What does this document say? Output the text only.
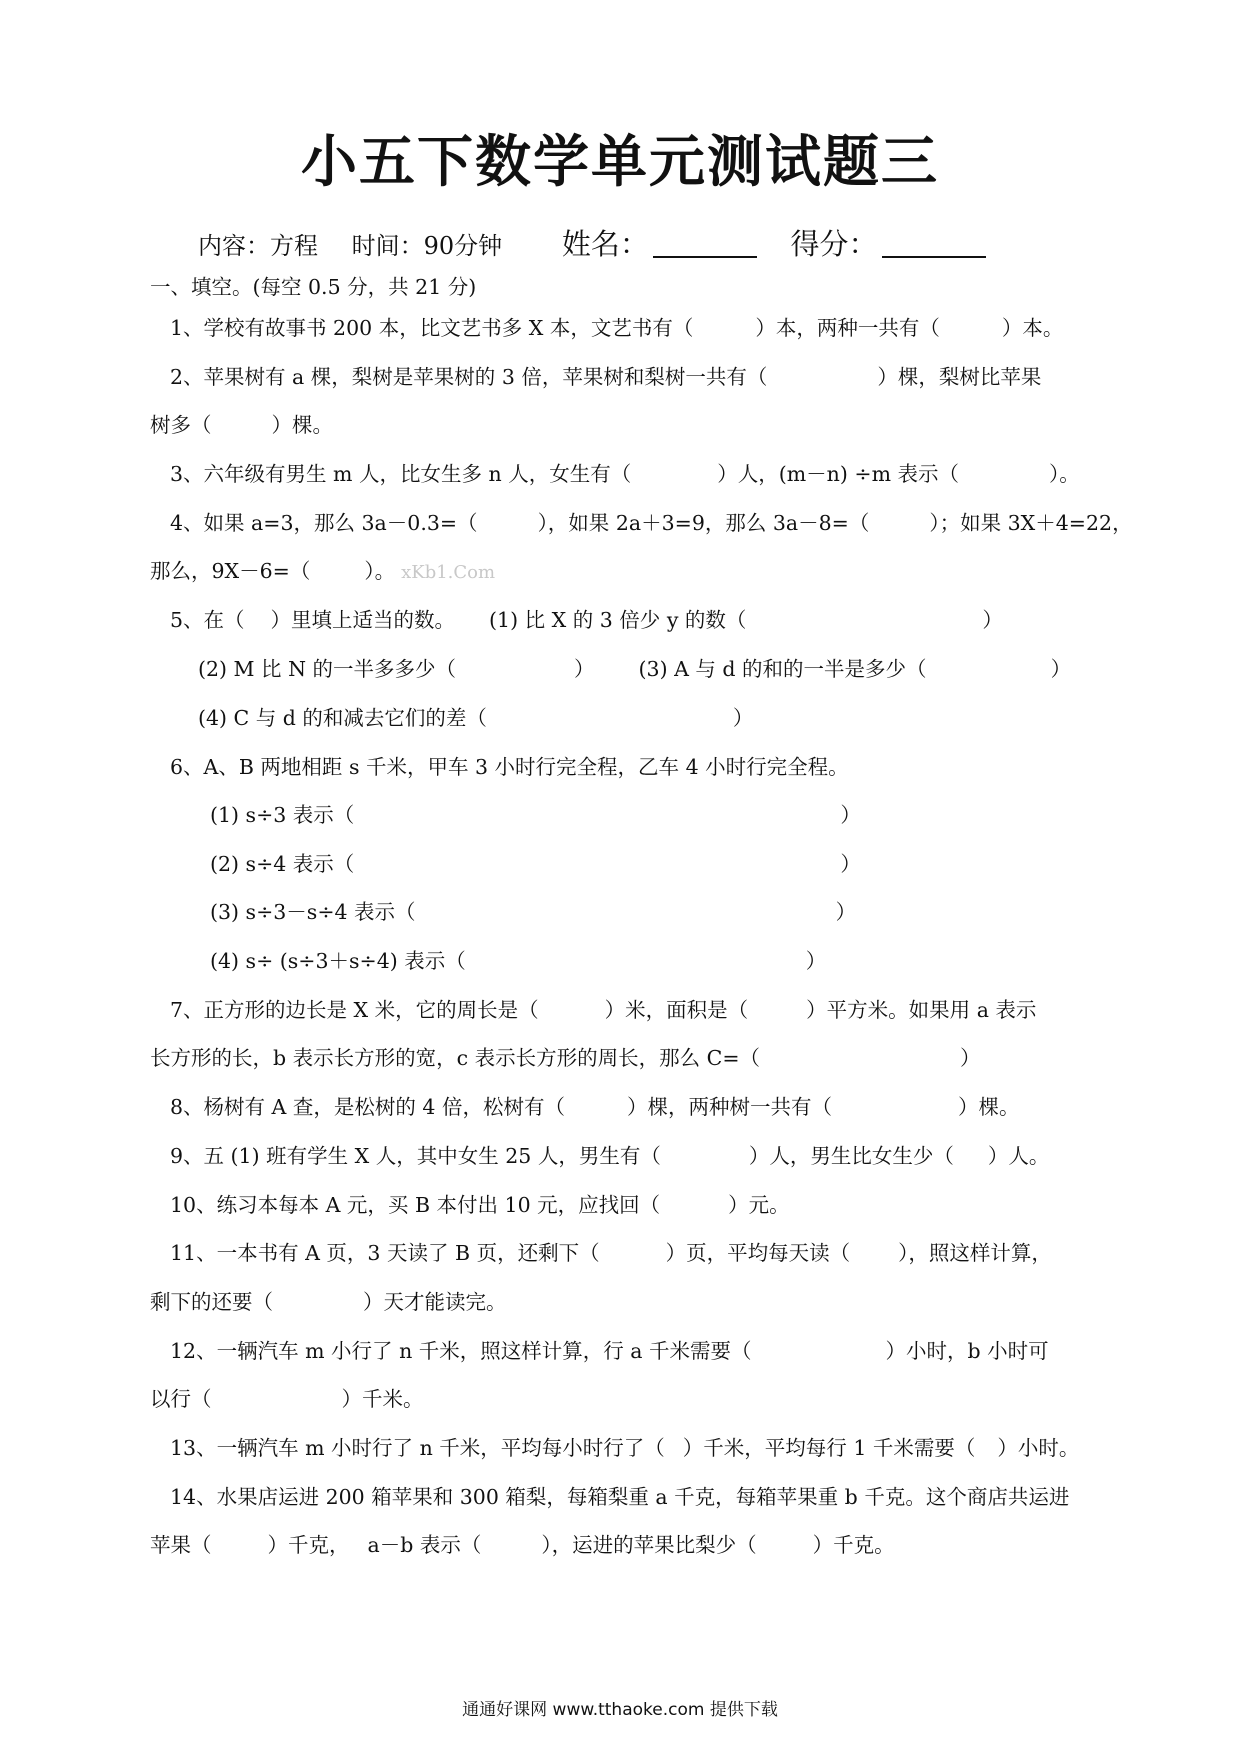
小五下数学单元测试题三
内容：方程 时间：90分钟 姓名：	得分：
一、填空。(每空 0.5 分，共 21 分)
1、学校有故事书 200 本，比文艺书多 X 本，文艺书有（	）本，两种一共有（	）本。
2、苹果树有 a 棵，梨树是苹果树的 3 倍，苹果树和梨树一共有（	）棵，梨树比苹果
树多（	）棵。
3、六年级有男生 m 人，比女生多 n 人，女生有（	）人，(m－n) ÷m 表示（	）。
4、如果 a=3，那么 3a－0.3=（	），如果 2a＋3=9，那么 3a－8=（	）；如果 3X＋4=22，
那么，9X－6=（	）。 xKb1.Com
5、在（ ）里填上适当的数。 (1) 比 X 的 3 倍少 y 的数（	）
(2) M 比 N 的一半多多少（	） (3) A 与 d 的和的一半是多少（	）
(4) C 与 d 的和减去它们的差（	）
6、A、B 两地相距 s 千米，甲车 3 小时行完全程，乙车 4 小时行完全程。
(1) s÷3 表示（	）
(2) s÷4 表示（	）
(3) s÷3－s÷4 表示（	）
(4) s÷ (s÷3＋s÷4) 表示（	）
7、正方形的边长是 X 米，它的周长是（	）米，面积是（	）平方米。如果用 a 表示
长方形的长，b 表示长方形的宽，c 表示长方形的周长，那么 C=（	）
8、杨树有 A 查，是松树的 4 倍，松树有（	）棵，两种树一共有（	）棵。
9、五 (1) 班有学生 X 人，其中女生 25 人，男生有（	）人，男生比女生少（ ）人。
10、练习本每本 A 元，买 B 本付出 10 元，应找回（	）元。
11、一本书有 A 页，3 天读了 B 页，还剩下（	）页，平均每天读（ ），照这样计算，
剩下的还要（	）天才能读完。
12、一辆汽车 m 小行了 n 千米，照这样计算，行 a 千米需要（	）小时，b 小时可
以行（	）千米。
13、一辆汽车 m 小时行了 n 千米，平均每小时行了（ ）千米，平均每行 1 千米需要（ ）小时。
14、水果店运进 200 箱苹果和 300 箱梨，每箱梨重 a 千克，每箱苹果重 b 千克。这个商店共运进
苹果（	）千克， a－b 表示（	），运进的苹果比梨少（	）千克。
通通好课网 www.tthaoke.com 提供下载
